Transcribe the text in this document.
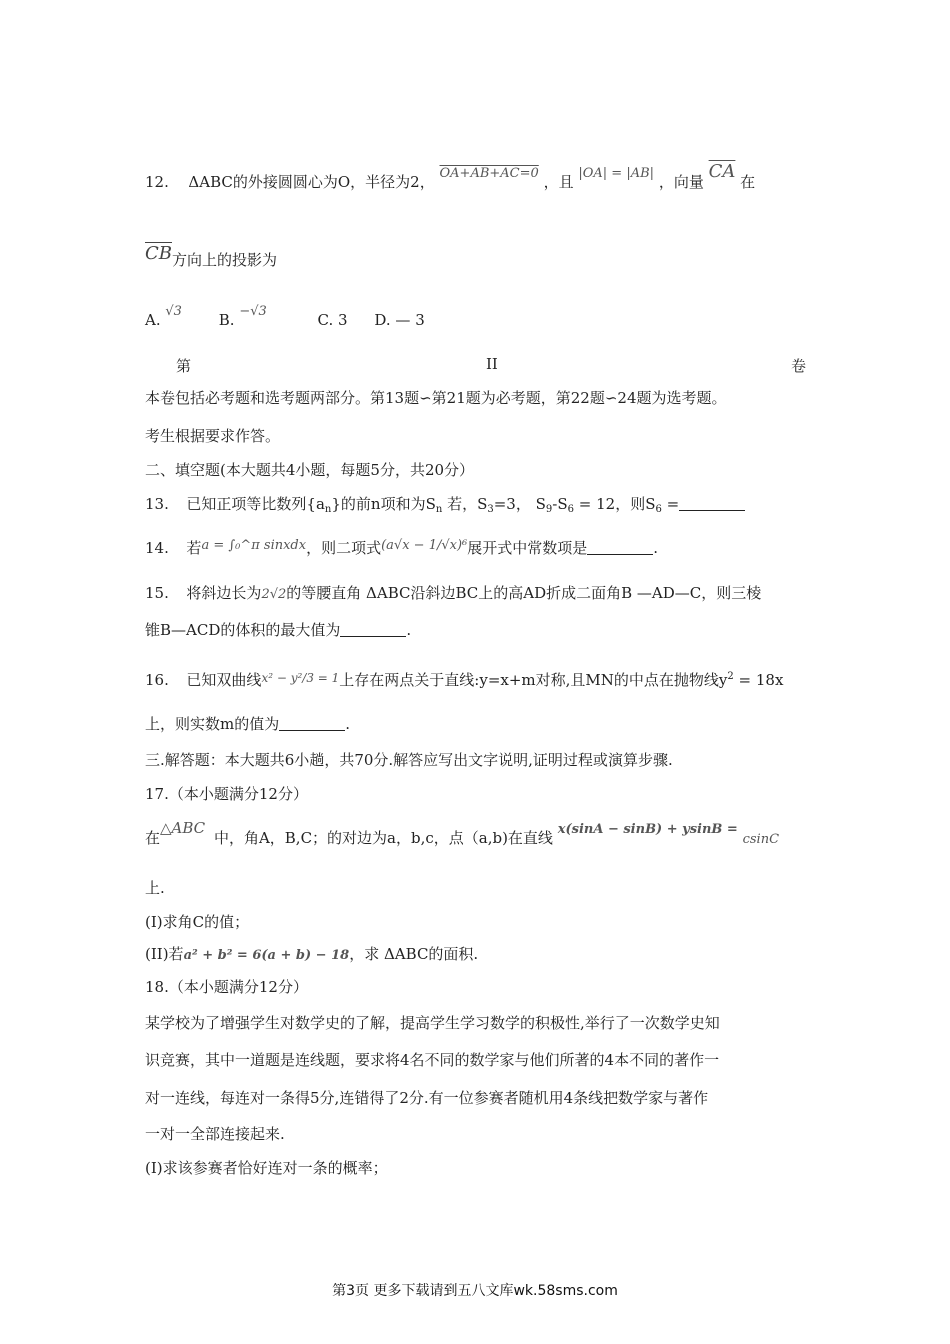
12. ΔABC的外接圆圆心为O，半径为2， OA+AB+AC=0 ，且 |OA| = |AB| ，向量 $\overline{CA}$ 在
$\overline{CB}$方向上的投影为
A. √3 B. −√3	C. 3 D. — 3
第	II	卷
本卷包括必考题和选考题两部分。第13题∽第21题为必考题，第22题∽24题为选考题。
考生根据要求作答。
二、填空题(本大题共4小题，每题5分，共20分）
13. 已知正项等比数列$\{a_n\}$的前n项和为$S_n$ 若，$S_3=3$， $S_9-S_6 = 12$，则$S_6$ =
14. 若a = ∫₀^π sinxdx，则二项式(a√x − 1/√x)⁶展开式中常数项是	.
15. 将斜边长为2√2的等腰直角 ΔABC沿斜边BC上的高AD折成二面角B —AD—C，则三棱
锥B—ACD的体积的最大值为	.
16. 已知双曲线$^{x^2 - y^2/3 = 1}$上存在两点关于直线:y=x+m对称,且MN的中点在抛物线$y^2 = 18x$
上，则实数m的值为	.
三.解答题：本大题共6小趟，共70分.解答应写出文字说明,证明过程或演算步骤.
17.（本小题满分12分）
在△ABC 中，角A，B,C；的对边为a，b,c，点（a,b)在直线 x(sinA − sinB) + ysinB = csinC
上.
(I)求角C的值；
(II)若a² + b² = 6(a + b) − 18，求 ΔABC的面积.
18.（本小题满分12分）
某学校为了增强学生对数学史的了解，提高学生学习数学的积极性,举行了一次数学史知
识竞赛，其中一道题是连线题，要求将4名不同的数学家与他们所著的4本不同的著作一
对一连线，每连对一条得5分,连错得了2分.有一位参赛者随机用4条线把数学家与著作
一对一全部连接起来.
(I)求该参赛者恰好连对一条的概率；
第3页 更多下载请到五八文库wk.58sms.com
